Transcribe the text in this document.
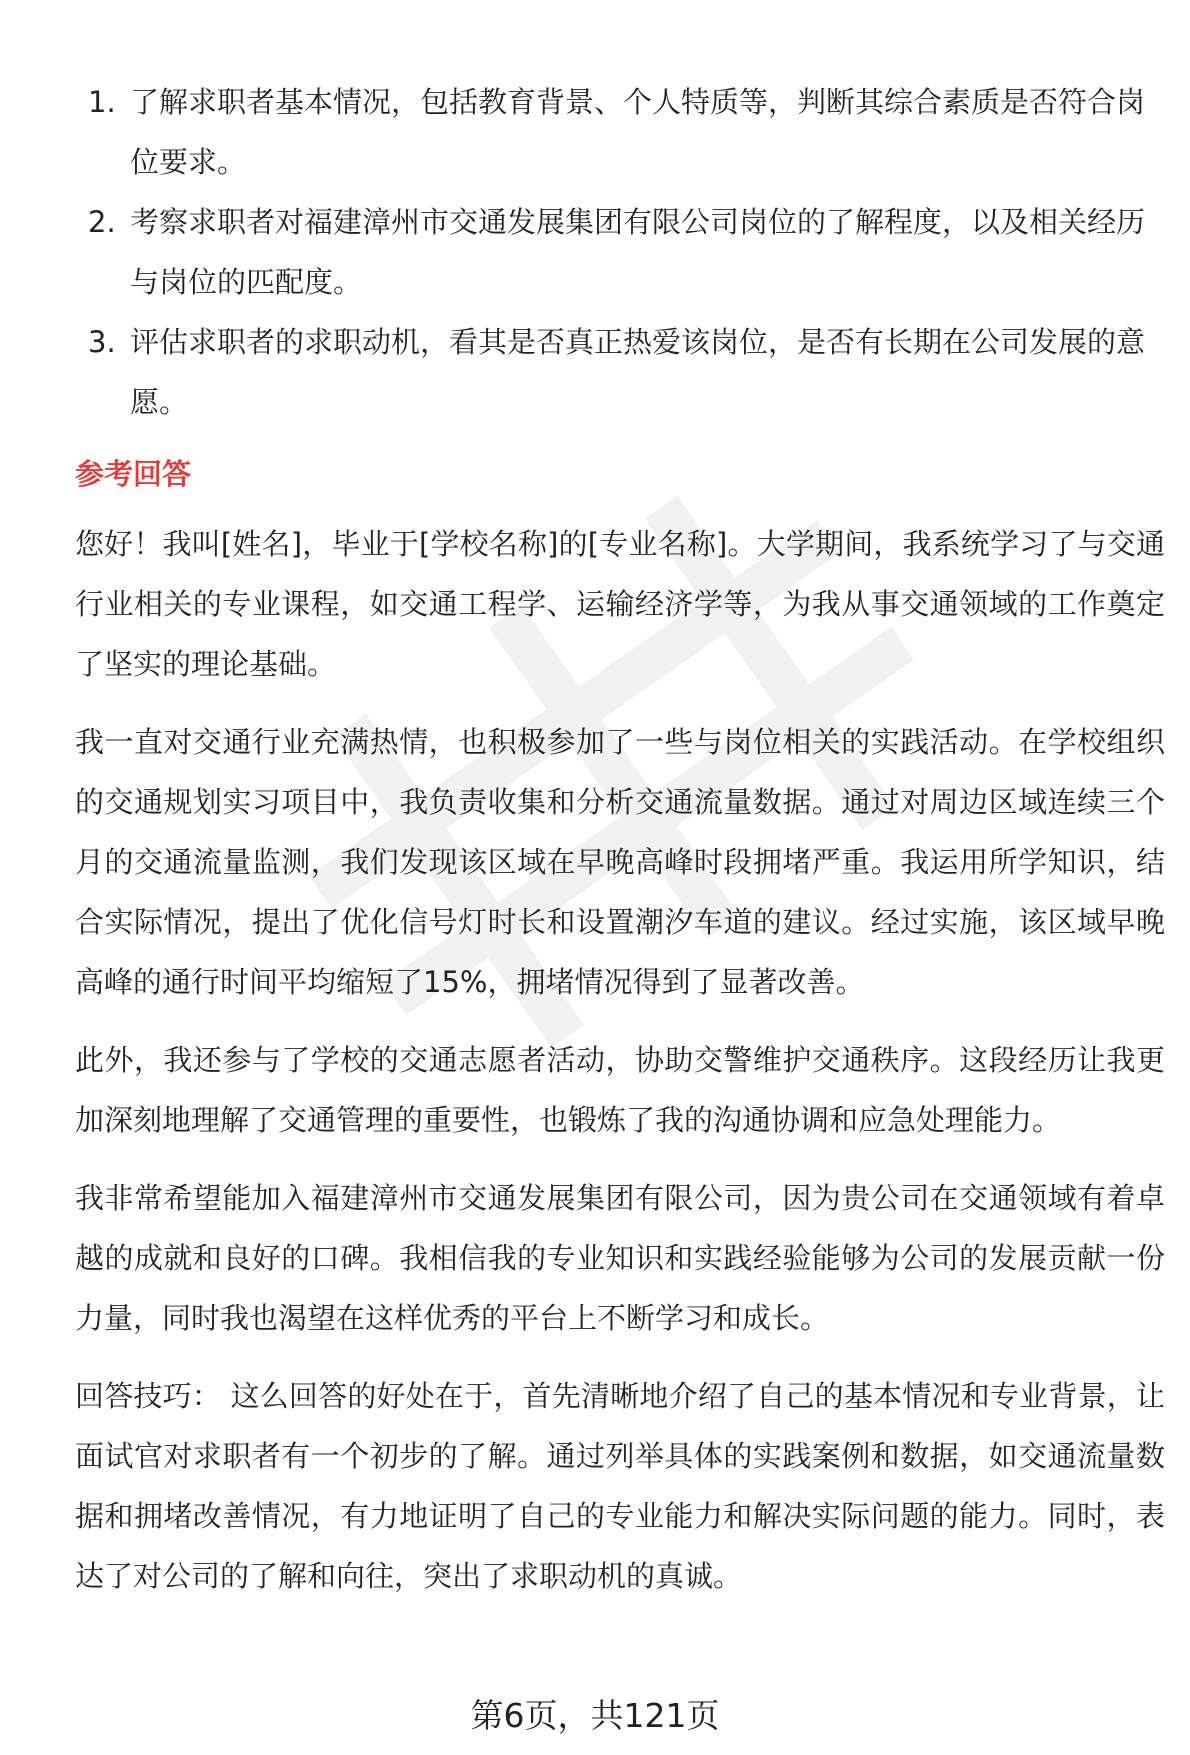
1. 了解求职者基本情况，包括教育背景、个人特质等，判断其综合素质是否符合岗位要求。
2. 考察求职者对福建漳州市交通发展集团有限公司岗位的了解程度，以及相关经历与岗位的匹配度。
3. 评估求职者的求职动机，看其是否真正热爱该岗位，是否有长期在公司发展的意愿。
参考回答

您好！我叫[姓名]，毕业于[学校名称]的[专业名称]。大学期间，我系统学习了与交通行业相关的专业课程，如交通工程学、运输经济学等，为我从事交通领域的工作奠定了坚实的理论基础。

我一直对交通行业充满热情，也积极参加了一些与岗位相关的实践活动。在学校组织的交通规划实习项目中，我负责收集和分析交通流量数据。通过对周边区域连续三个月的交通流量监测，我们发现该区域在早晚高峰时段拥堵严重。我运用所学知识，结合实际情况，提出了优化信号灯时长和设置潮汐车道的建议。经过实施，该区域早晚高峰的通行时间平均缩短了15%，拥堵情况得到了显著改善。

此外，我还参与了学校的交通志愿者活动，协助交警维护交通秩序。这段经历让我更加深刻地理解了交通管理的重要性，也锻炼了我的沟通协调和应急处理能力。

我非常希望能加入福建漳州市交通发展集团有限公司，因为贵公司在交通领域有着卓越的成就和良好的口碑。我相信我的专业知识和实践经验能够为公司的发展贡献一份力量，同时我也渴望在这样优秀的平台上不断学习和成长。

回答技巧： 这么回答的好处在于，首先清晰地介绍了自己的基本情况和专业背景，让面试官对求职者有一个初步的了解。通过列举具体的实践案例和数据，如交通流量数据和拥堵改善情况，有力地证明了自己的专业能力和解决实际问题的能力。同时，表达了对公司的了解和向往，突出了求职动机的真诚。

第6页，共121页
